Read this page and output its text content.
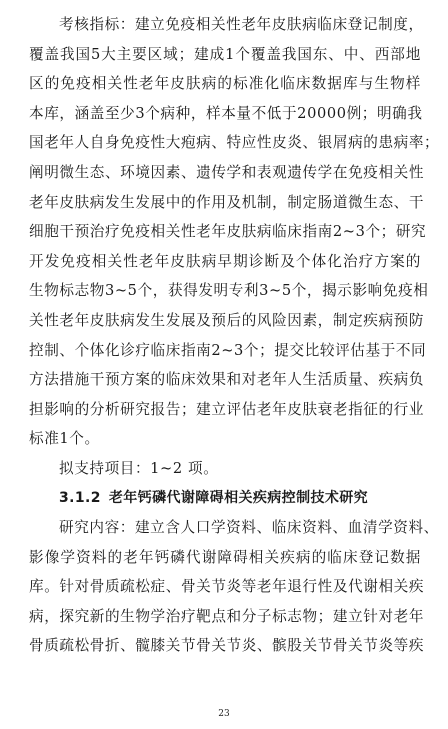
考核指标：建立免疫相关性老年皮肤病临床登记制度，
覆盖我国5大主要区域；建成1个覆盖我国东、中、西部地
区的免疫相关性老年皮肤病的标准化临床数据库与生物样
本库，涵盖至少3个病种，样本量不低于20000例；明确我
国老年人自身免疫性大疱病、特应性皮炎、银屑病的患病率；
阐明微生态、环境因素、遗传学和表观遗传学在免疫相关性
老年皮肤病发生发展中的作用及机制，制定肠道微生态、干
细胞干预治疗免疫相关性老年皮肤病临床指南2~3个；研究
开发免疫相关性老年皮肤病早期诊断及个体化治疗方案的
生物标志物3~5个，获得发明专利3~5个，揭示影响免疫相
关性老年皮肤病发生发展及预后的风险因素，制定疾病预防
控制、个体化诊疗临床指南2~3个；提交比较评估基于不同
方法措施干预方案的临床效果和对老年人生活质量、疾病负
担影响的分析研究报告；建立评估老年皮肤衰老指征的行业
标准1个。
拟支持项目：1~2 项。
3.1.2 老年钙磷代谢障碍相关疾病控制技术研究
研究内容：建立含人口学资料、临床资料、血清学资料、
影像学资料的老年钙磷代谢障碍相关疾病的临床登记数据
库。针对骨质疏松症、骨关节炎等老年退行性及代谢相关疾
病，探究新的生物学治疗靶点和分子标志物；建立针对老年
骨质疏松骨折、髋膝关节骨关节炎、髌股关节骨关节炎等疾
23
